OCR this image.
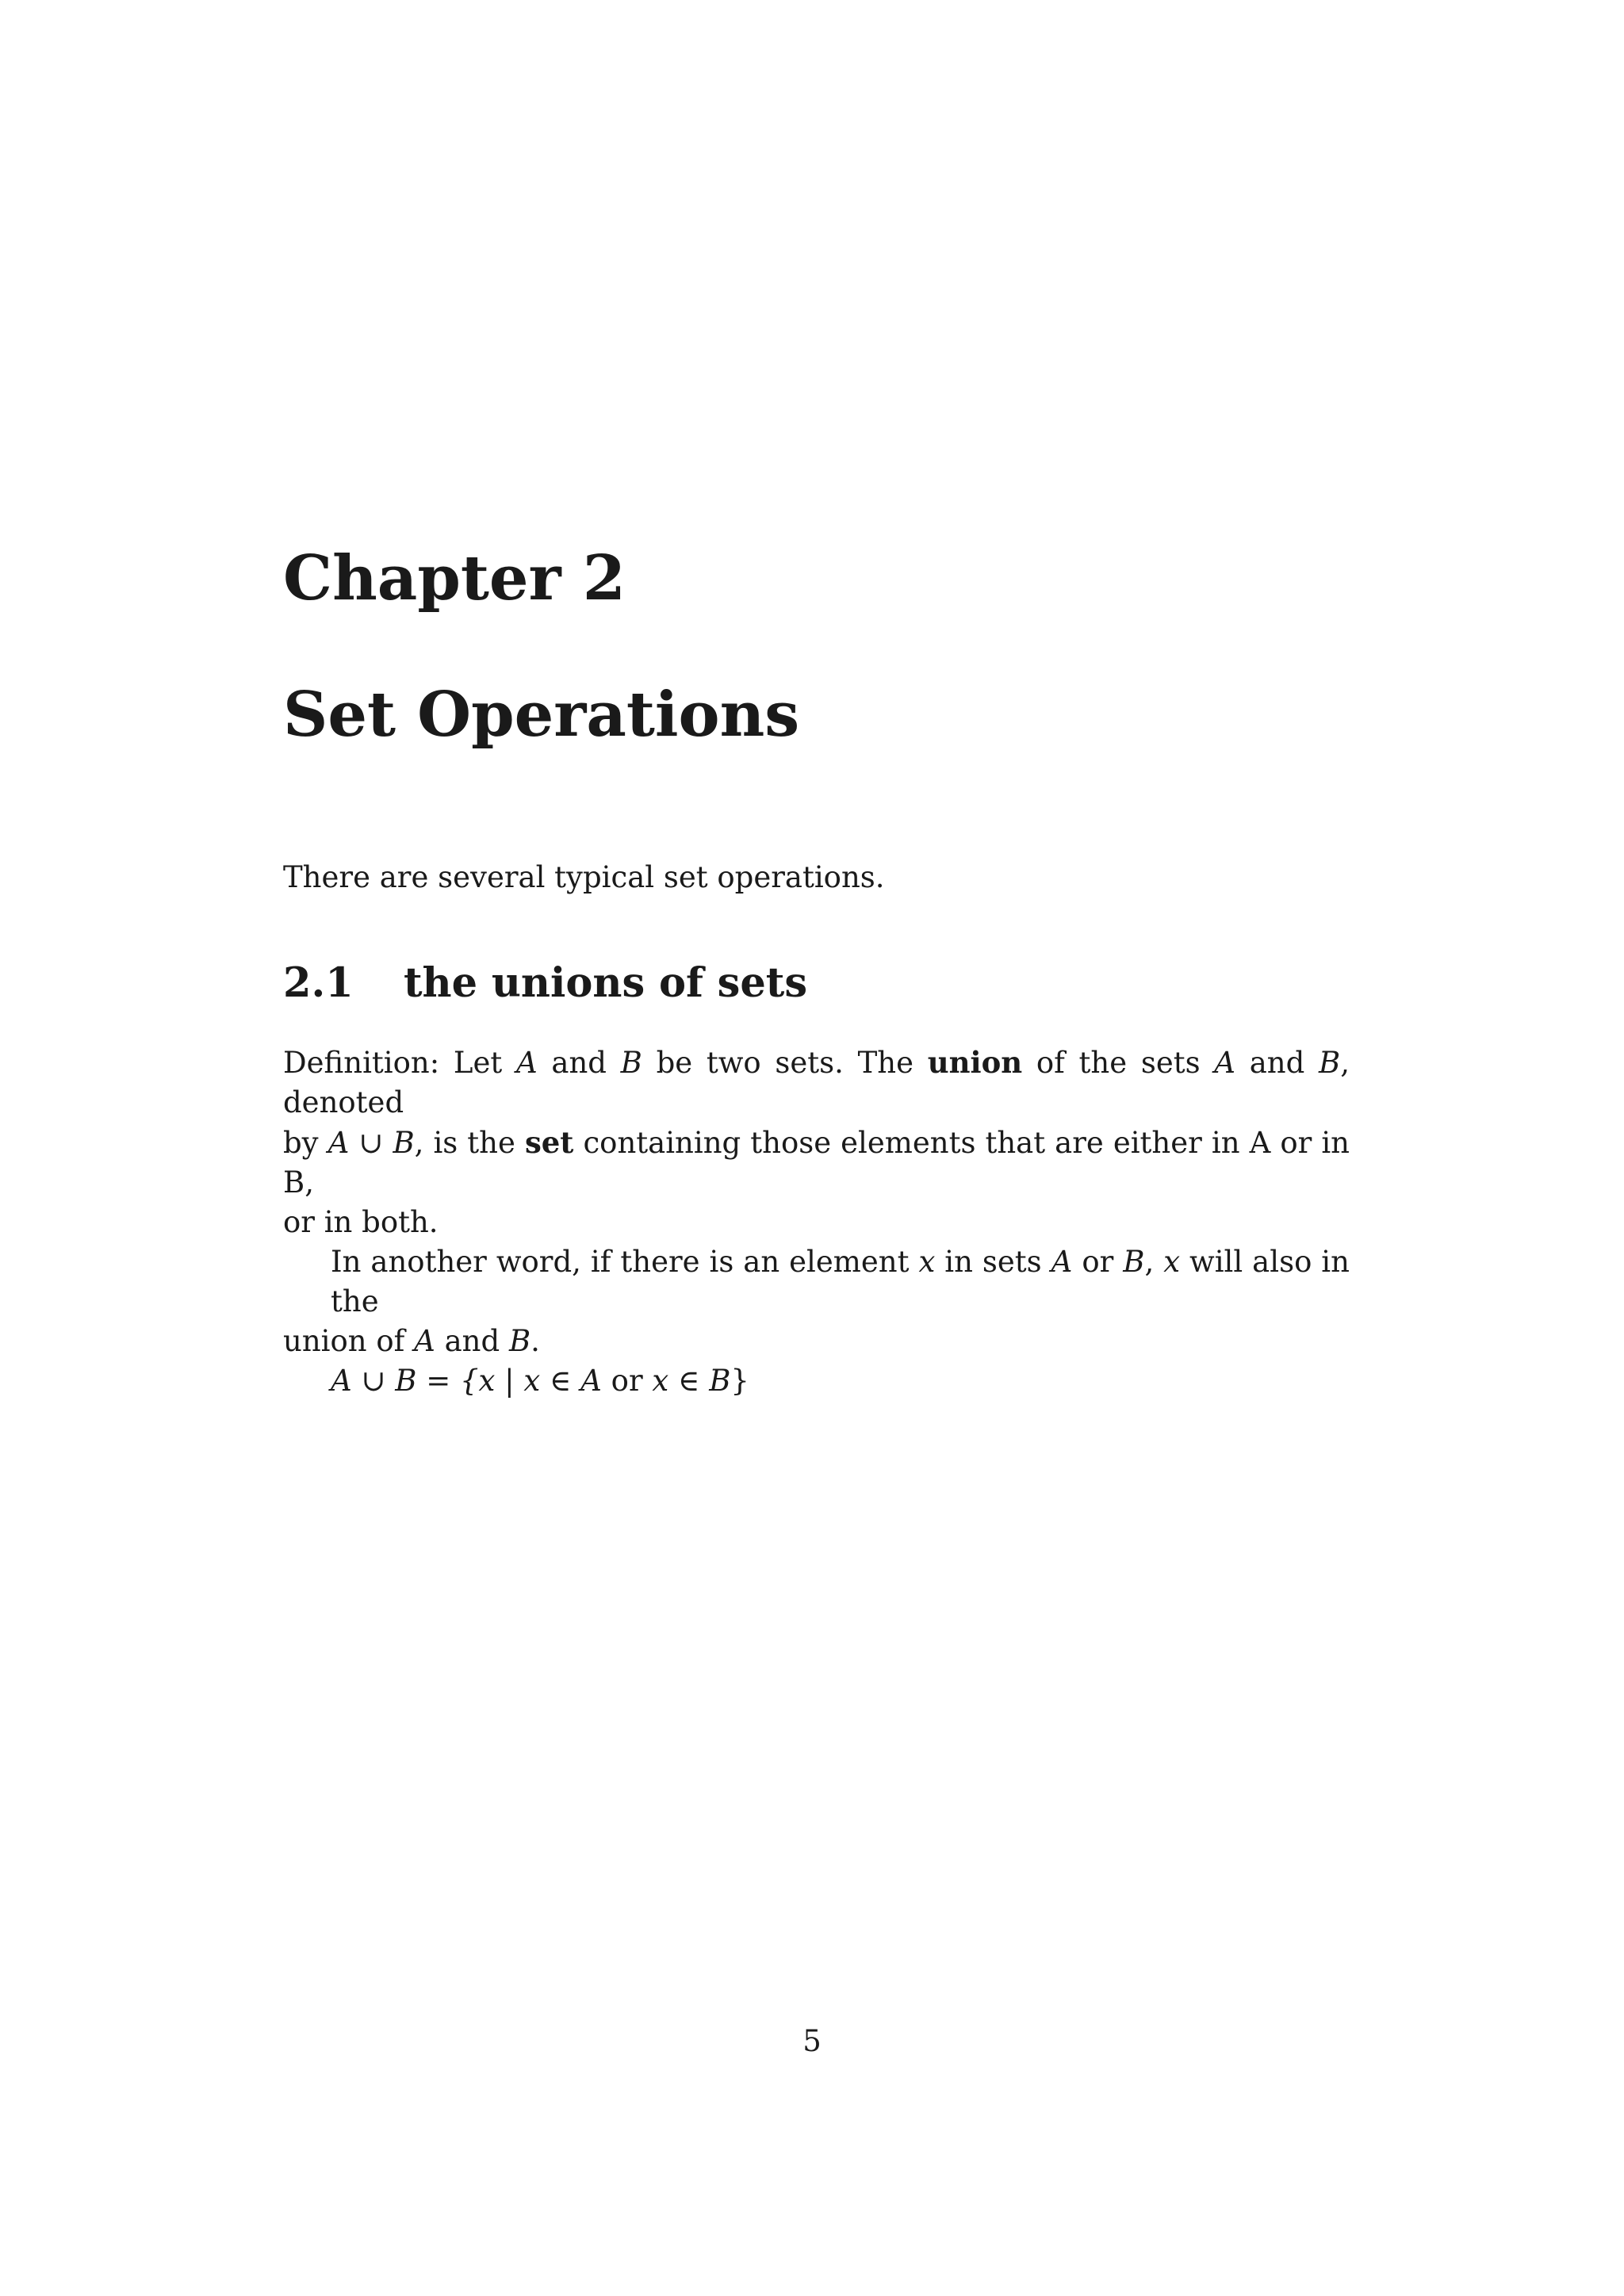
Chapter 2
Set Operations

There are several typical set operations.

2.1 the unions of sets

Definition: Let A and B be two sets. The union of the sets A and B, denoted
by A ∪ B, is the set containing those elements that are either in A or in B,
or in both.

In another word, if there is an element x in sets A or B, x will also in the
union of A and B.

A ∪ B = {x | x ∈ A or x ∈ B}

5
